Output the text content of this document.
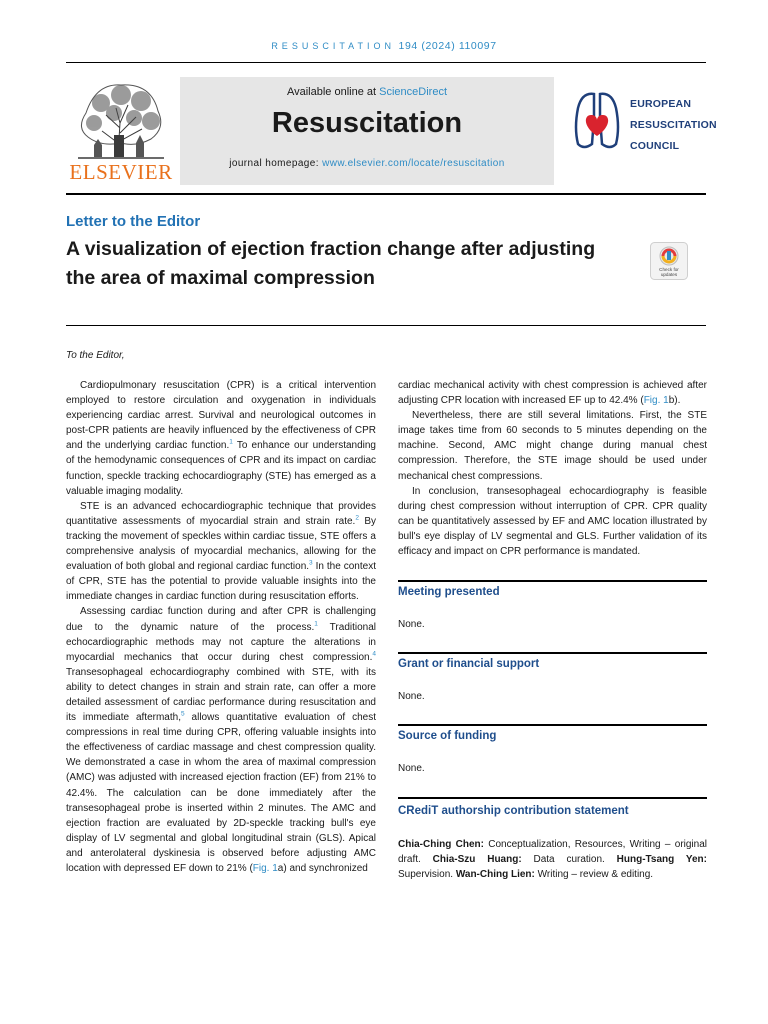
RESUSCITATION 194 (2024) 110097
ELSEVIER
Available online at ScienceDirect
Resuscitation
journal homepage: www.elsevier.com/locate/resuscitation
EUROPEAN
RESUSCITATION
COUNCIL
Letter to the Editor
A visualization of ejection fraction change after adjusting the area of maximal compression	Check for
updates
To the Editor,

Cardiopulmonary resuscitation (CPR) is a critical intervention employed to restore circulation and oxygenation in individuals experiencing cardiac arrest. Survival and neurological outcomes in post-CPR patients are heavily influenced by the effectiveness of CPR and the underlying cardiac function.$^1$ To enhance our understanding of the hemodynamic consequences of CPR and its impact on cardiac function, speckle tracking echocardiography (STE) has emerged as a valuable imaging modality.

STE is an advanced echocardiographic technique that provides quantitative assessments of myocardial strain and strain rate.$^2$ By tracking the movement of speckles within cardiac tissue, STE offers a comprehensive analysis of myocardial mechanics, allowing for the evaluation of both global and regional cardiac function.$^3$ In the context of CPR, STE has the potential to provide valuable insights into the immediate changes in cardiac function during resuscitation efforts.

Assessing cardiac function during and after CPR is challenging due to the dynamic nature of the process.$^1$ Traditional echocardiographic methods may not capture the alterations in myocardial mechanics that occur during chest compression.$^4$ Transesophageal echocardiography combined with STE, with its ability to detect changes in strain and strain rate, can offer a more detailed assessment of cardiac performance during resuscitation and its immediate aftermath,$^5$ allows quantitative evaluation of chest compressions in real time during CPR, offering valuable insights into the effectiveness of cardiac massage and chest compression quality. We demonstrated a case in whom the area of maximal compression (AMC) was adjusted with increased ejection fraction (EF) from 21% to 42.4%. The calculation can be done immediately after the transesophageal probe is inserted within 2 minutes. The AMC and ejection fraction are evaluated by 2D-speckle tracking bull's eye display of LV segmental and global longitudinal strain (GLS). Apical and anterolateral dyskinesia is observed before adjusting AMC location with depressed EF down to 21% (Fig. 1a) and synchronized

cardiac mechanical activity with chest compression is achieved after adjusting CPR location with increased EF up to 42.4% (Fig. 1b).

Nevertheless, there are still several limitations. First, the STE image takes time from 60 seconds to 5 minutes depending on the machine. Second, AMC might change during manual chest compression. Therefore, the STE image should be used under mechanical chest compressions.

In conclusion, transesophageal echocardiography is feasible during chest compression without interruption of CPR. CPR quality can be quantitatively assessed by EF and AMC location illustrated by bull's eye display of LV segmental and GLS. Further validation of its efficacy and impact on CPR performance is mandated.

Meeting presented
None.
Grant or financial support
None.
Source of funding
None.
CRediT authorship contribution statement
Chia-Ching Chen: Conceptualization, Resources, Writing – original draft. Chia-Szu Huang: Data curation. Hung-Tsang Yen: Supervision. Wan-Ching Lien: Writing – review & editing.
